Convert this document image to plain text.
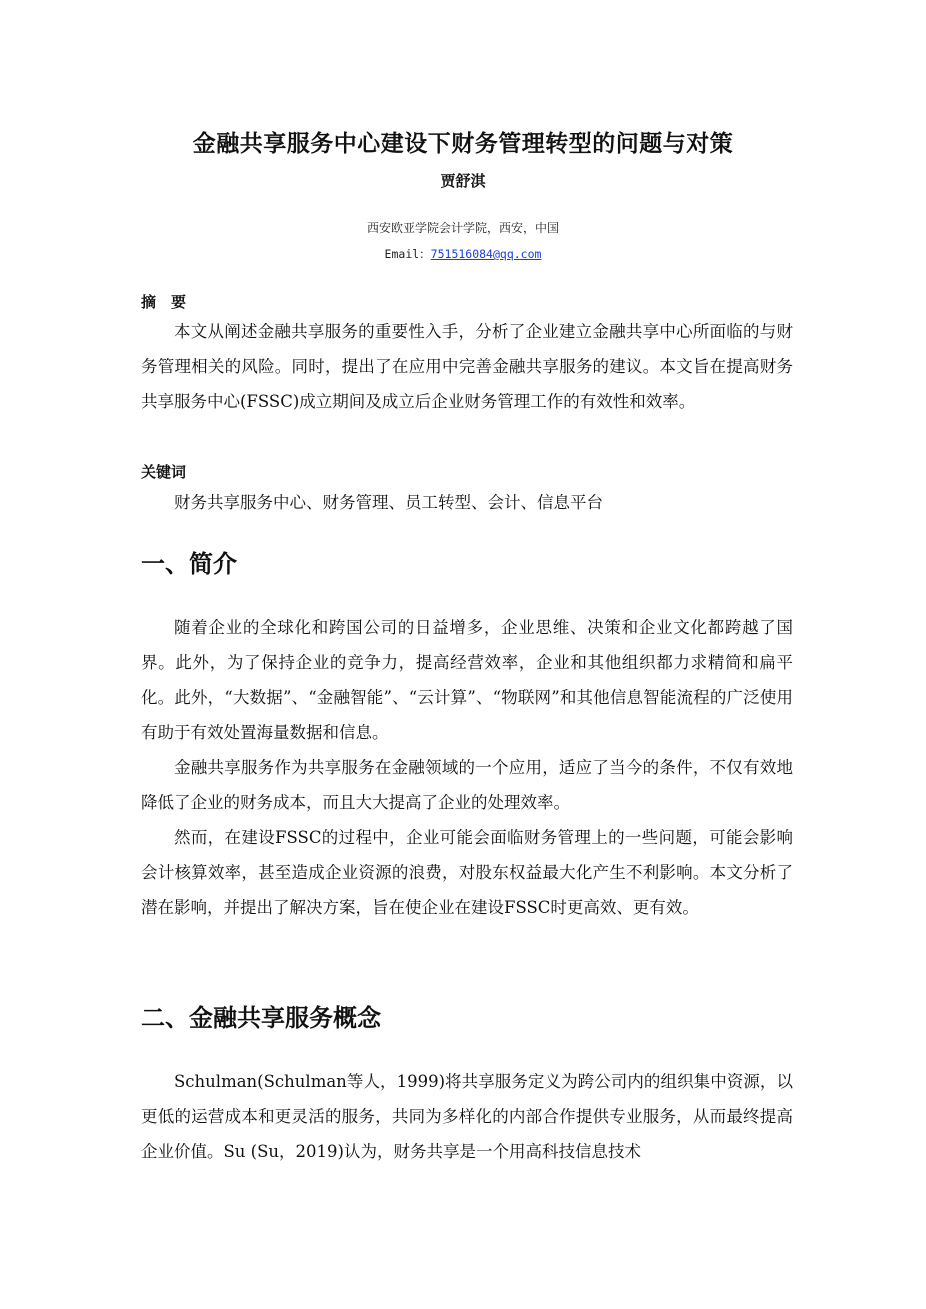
金融共享服务中心建设下财务管理转型的问题与对策
贾舒淇
西安欧亚学院会计学院，西安，中国
Email：751516084@qq.com
摘　要

本文从阐述金融共享服务的重要性入手，分析了企业建立金融共享中心所面临的与财务管理相关的风险。同时，提出了在应用中完善金融共享服务的建议。本文旨在提高财务共享服务中心(FSSC)成立期间及成立后企业财务管理工作的有效性和效率。

关键词
财务共享服务中心、财务管理、员工转型、会计、信息平台
一、简介

随着企业的全球化和跨国公司的日益增多，企业思维、决策和企业文化都跨越了国界。此外，为了保持企业的竞争力，提高经营效率，企业和其他组织都力求精简和扁平化。此外，“大数据”、“金融智能”、“云计算”、“物联网”和其他信息智能流程的广泛使用有助于有效处置海量数据和信息。

金融共享服务作为共享服务在金融领域的一个应用，适应了当今的条件，不仅有效地降低了企业的财务成本，而且大大提高了企业的处理效率。

然而，在建设FSSC的过程中，企业可能会面临财务管理上的一些问题，可能会影响会计核算效率，甚至造成企业资源的浪费，对股东权益最大化产生不利影响。本文分析了潜在影响，并提出了解决方案，旨在使企业在建设FSSC时更高效、更有效。

二、金融共享服务概念

Schulman(Schulman等人，1999)将共享服务定义为跨公司内的组织集中资源，以更低的运营成本和更灵活的服务，共同为多样化的内部合作提供专业服务，从而最终提高企业价值。Su (Su，2019)认为，财务共享是一个用高科技信息技术
